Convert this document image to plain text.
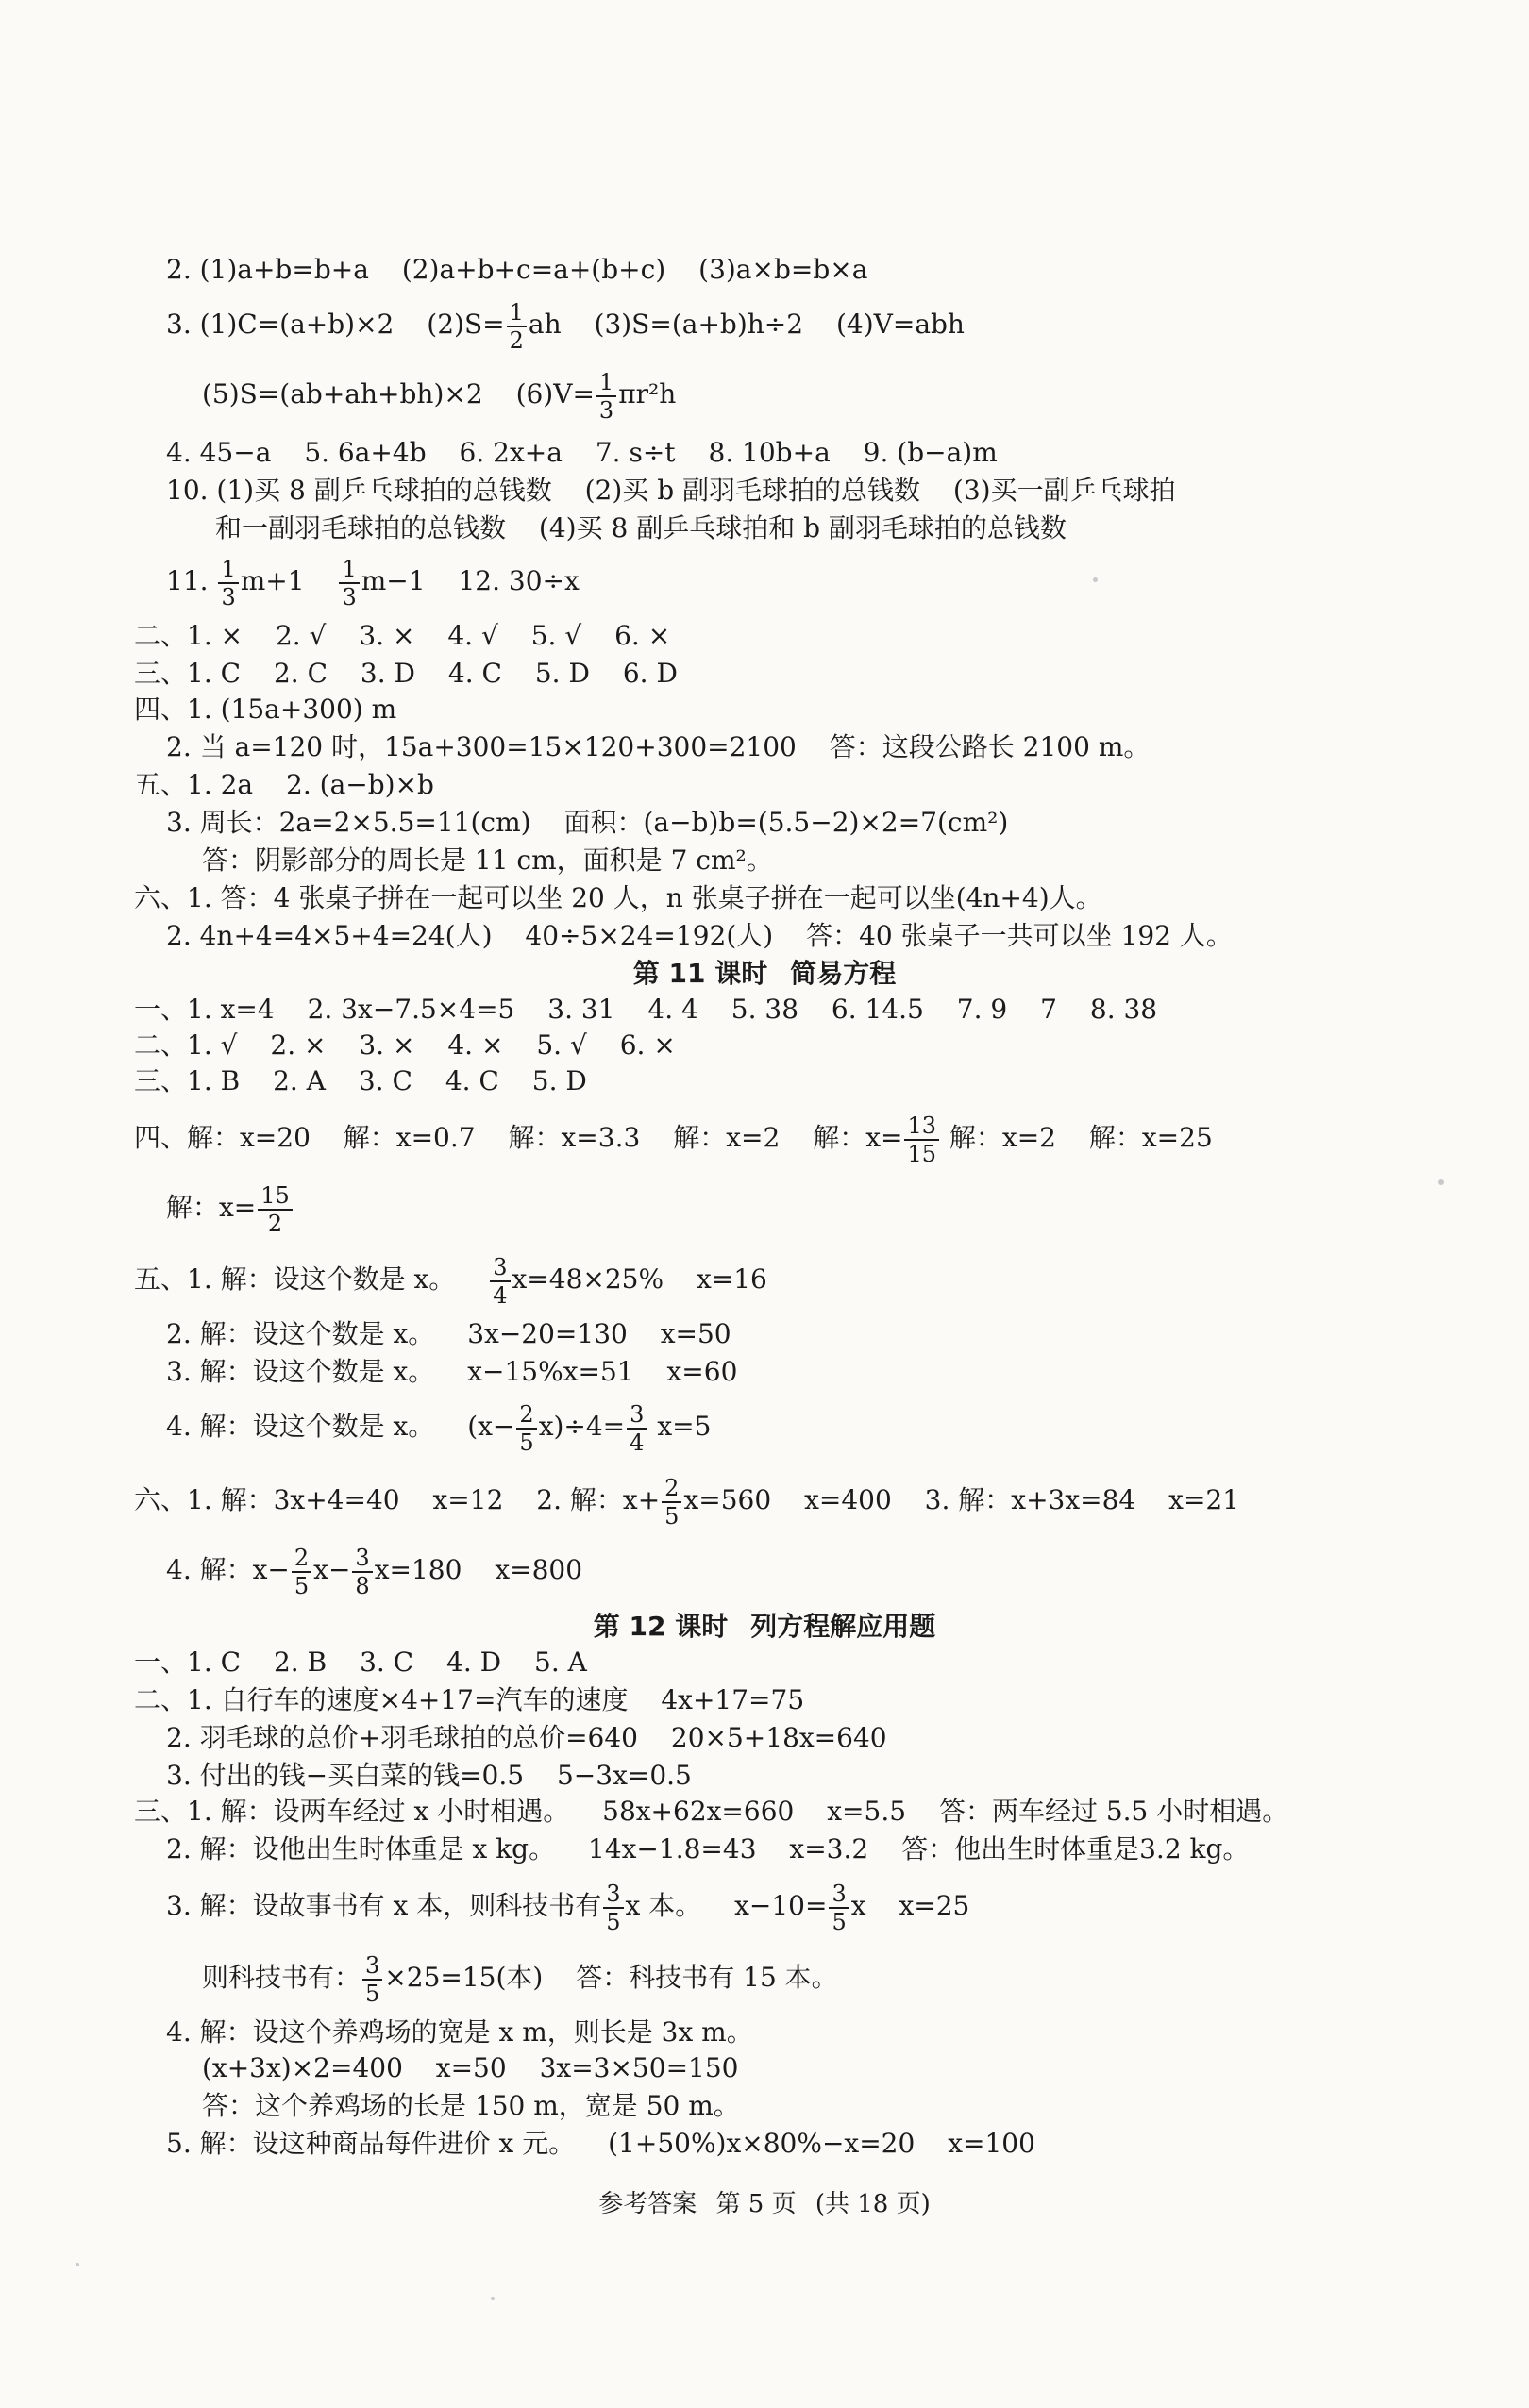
2. (1)a+b=b+a (2)a+b+c=a+(b+c) (3)a×b=b×a
3. (1)C=(a+b)×2 $(2)S= \frac{1}{2}$ ah (3)S=(a+b)h÷2 (4)V=abh
(5)S=(ab+ah+bh)×2 $(6)V= \frac{1}{3} \pi r^2h$
4. 45−a 5. 6a+4b 6. 2x+a 7. s÷t 8. 10b+a 9. (b−a)m
10. (1)买 8 副乒乓球拍的总钱数 (2)买 b 副羽毛球拍的总钱数 (3)买一副乒乓球拍
和一副羽毛球拍的总钱数 (4)买 8 副乒乓球拍和 b 副羽毛球拍的总钱数
11. $\frac{1}{3} m+1 \frac{1}{3} m-1$ 12. 30÷x
二、1. × 2. √ 3. × 4. √ 5. √ 6. ×
三、1. C 2. C 3. D 4. C 5. D 6. D
四、1. (15a+300) m
2. 当 a=120 时，15a+300=15×120+300=2100 答：这段公路长 2100 m。
五、1. 2a 2. (a−b)×b
3. 周长：2a=2×5.5=11(cm) 面积：(a−b)b=(5.5−2)×2=7(cm²)
答：阴影部分的周长是 11 cm，面积是 7 cm²。
六、1. 答：4 张桌子拼在一起可以坐 20 人，n 张桌子拼在一起可以坐(4n+4)人。
2. 4n+4=4×5+4=24(人) 40÷5×24=192(人) 答：40 张桌子一共可以坐 192 人。
第 11 课时 简易方程
一、1. x=4 2. 3x−7.5×4=5 3. 31 4. 4 5. 38 6. 14.5 7. 9 7 8. 38
二、1. √ 2. × 3. × 4. × 5. √ 6. ×
三、1. B 2. A 3. C 4. C 5. D
四、解：x=20 解：x=0.7 解：x=3.3 解：x=2 解：$x= \frac{13}{15}$ 解：x=2 解：x=25
解：$x= \frac{15}{2}$
五、1. 解：设这个数是 x。 $\frac{3}{4} x=48\times 25\%$ x=16
2. 解：设这个数是 x。 3x−20=130 x=50
3. 解：设这个数是 x。 x−15%x=51 x=60
4. 解：设这个数是 x。 $(x- \frac{2}{5} x)\div 4= \frac{3}{4} x=5$
六、1. 解：3x+4=40 x=12 2. 解：$x+ \frac{2}{5} x=560$ x=400 3. 解：x+3x=84 x=21
4. 解：$x- \frac{2}{5} x- \frac{3}{8} x=180$ x=800
第 12 课时 列方程解应用题
一、1. C 2. B 3. C 4. D 5. A
二、1. 自行车的速度×4+17=汽车的速度 4x+17=75
2. 羽毛球的总价+羽毛球拍的总价=640 20×5+18x=640
3. 付出的钱−买白菜的钱=0.5 5−3x=0.5
三、1. 解：设两车经过 x 小时相遇。 58x+62x=660 x=5.5 答：两车经过 5.5 小时相遇。
2. 解：设他出生时体重是 x kg。 14x−1.8=43 x=3.2 答：他出生时体重是3.2 kg。
3. 解：设故事书有 x 本，则科技书有 $\frac{3}{5}$ x 本。 $x-10= \frac{3}{5}$ x x=25
则科技书有： $\frac{3}{5} \times 25=15$(本) 答：科技书有 15 本。
4. 解：设这个养鸡场的宽是 x m，则长是 3x m。
(x+3x)×2=400 x=50 3x=3×50=150
答：这个养鸡场的长是 150 m，宽是 50 m。
5. 解：设这种商品每件进价 x 元。 (1+50%)x×80%−x=20 x=100
参考答案 第 5 页 (共 18 页)
